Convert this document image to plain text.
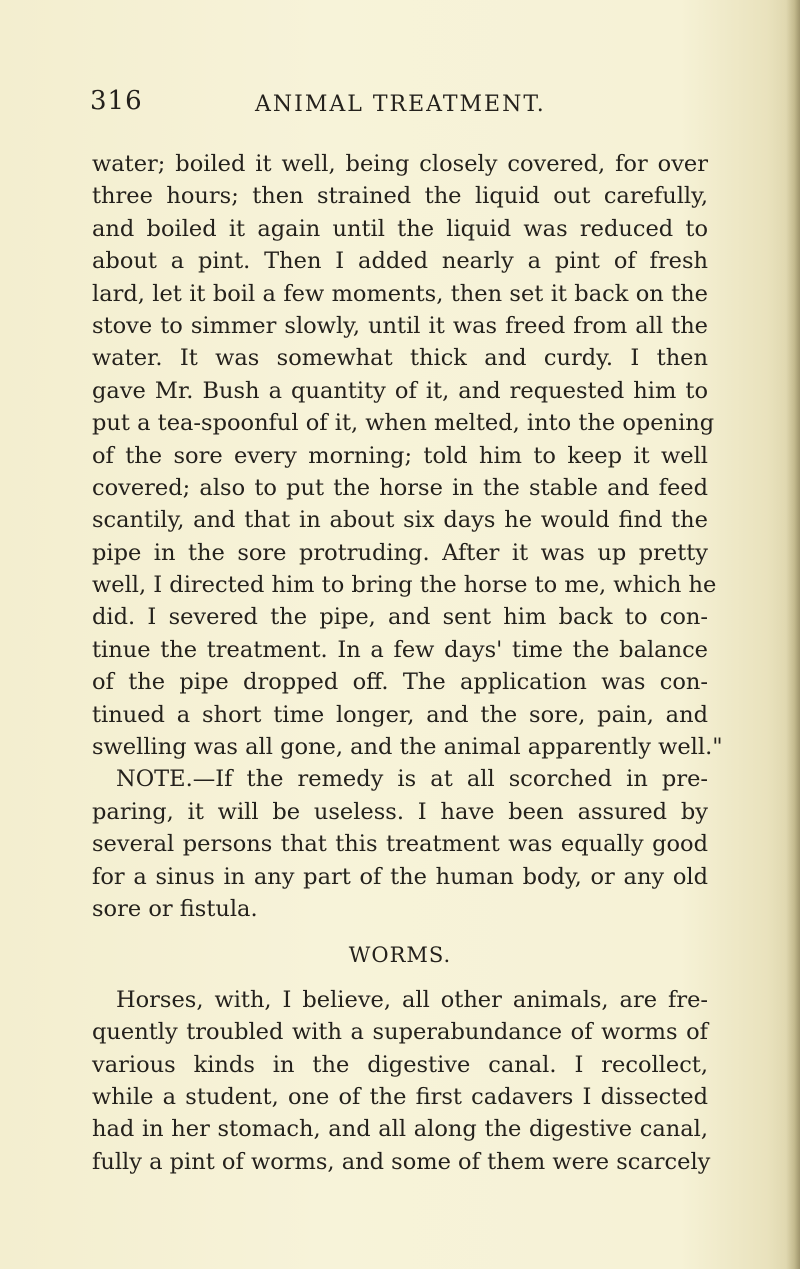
316	ANIMAL TREATMENT.
water; boiled it well, being closely covered, for over
three hours; then strained the liquid out carefully,
and boiled it again until the liquid was reduced to
about a pint. Then I added nearly a pint of fresh
lard, let it boil a few moments, then set it back on the
stove to simmer slowly, until it was freed from all the
water. It was somewhat thick and curdy. I then
gave Mr. Bush a quantity of it, and requested him to
put a tea-spoonful of it, when melted, into the opening
of the sore every morning; told him to keep it well
covered; also to put the horse in the stable and feed
scantily, and that in about six days he would find the
pipe in the sore protruding. After it was up pretty
well, I directed him to bring the horse to me, which he
did. I severed the pipe, and sent him back to con-
tinue the treatment. In a few days' time the balance
of the pipe dropped off. The application was con-
tinued a short time longer, and the sore, pain, and
swelling was all gone, and the animal apparently well."
NOTE.—If the remedy is at all scorched in pre-
paring, it will be useless. I have been assured by
several persons that this treatment was equally good
for a sinus in any part of the human body, or any old
sore or fistula.
WORMS.
Horses, with, I believe, all other animals, are fre-
quently troubled with a superabundance of worms of
various kinds in the digestive canal. I recollect,
while a student, one of the first cadavers I dissected
had in her stomach, and all along the digestive canal,
fully a pint of worms, and some of them were scarcely
